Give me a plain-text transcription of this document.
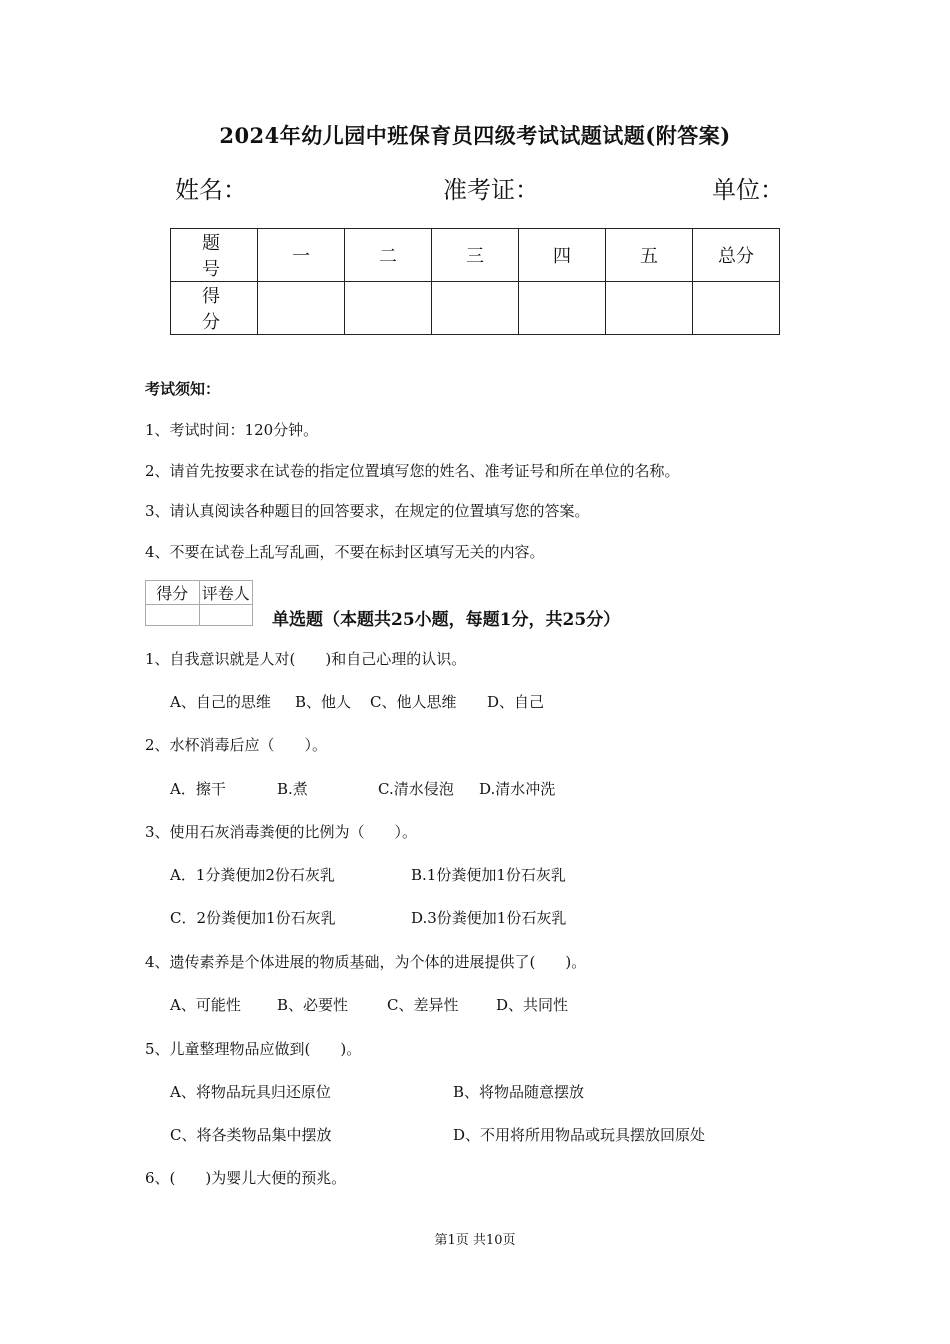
2024年幼儿园中班保育员四级考试试题试题(附答案)
姓名：	准考证：	单位：
题　号	一	二	三	四	五	总分
得　分						
考试须知：
1、考试时间：120分钟。
2、请首先按要求在试卷的指定位置填写您的姓名、准考证号和所在单位的名称。
3、请认真阅读各种题目的回答要求，在规定的位置填写您的答案。
4、不要在试卷上乱写乱画，不要在标封区填写无关的内容。
得分	评卷人

单选题（本题共25小题，每题1分，共25分）
1、自我意识就是人对(　　)和自己心理的认识。
A、自己的思维 B、他人 C、他人思维 D、自己
2、水杯消毒后应（　　）。
A．擦干	B.煮	C.清水侵泡 D.清水冲洗
3、使用石灰消毒粪便的比例为（　　）。
A．1分粪便加2份石灰乳	B.1份粪便加1份石灰乳
C．2份粪便加1份石灰乳	D.3份粪便加1份石灰乳
4、遗传素养是个体进展的物质基础，为个体的进展提供了(　　)。
A、可能性 B、必要性	C、差异性	D、共同性
5、儿童整理物品应做到(　　)。
A、将物品玩具归还原位	B、将物品随意摆放
C、将各类物品集中摆放	D、不用将所用物品或玩具摆放回原处
6、(　　)为婴儿大便的预兆。
第1页 共10页
